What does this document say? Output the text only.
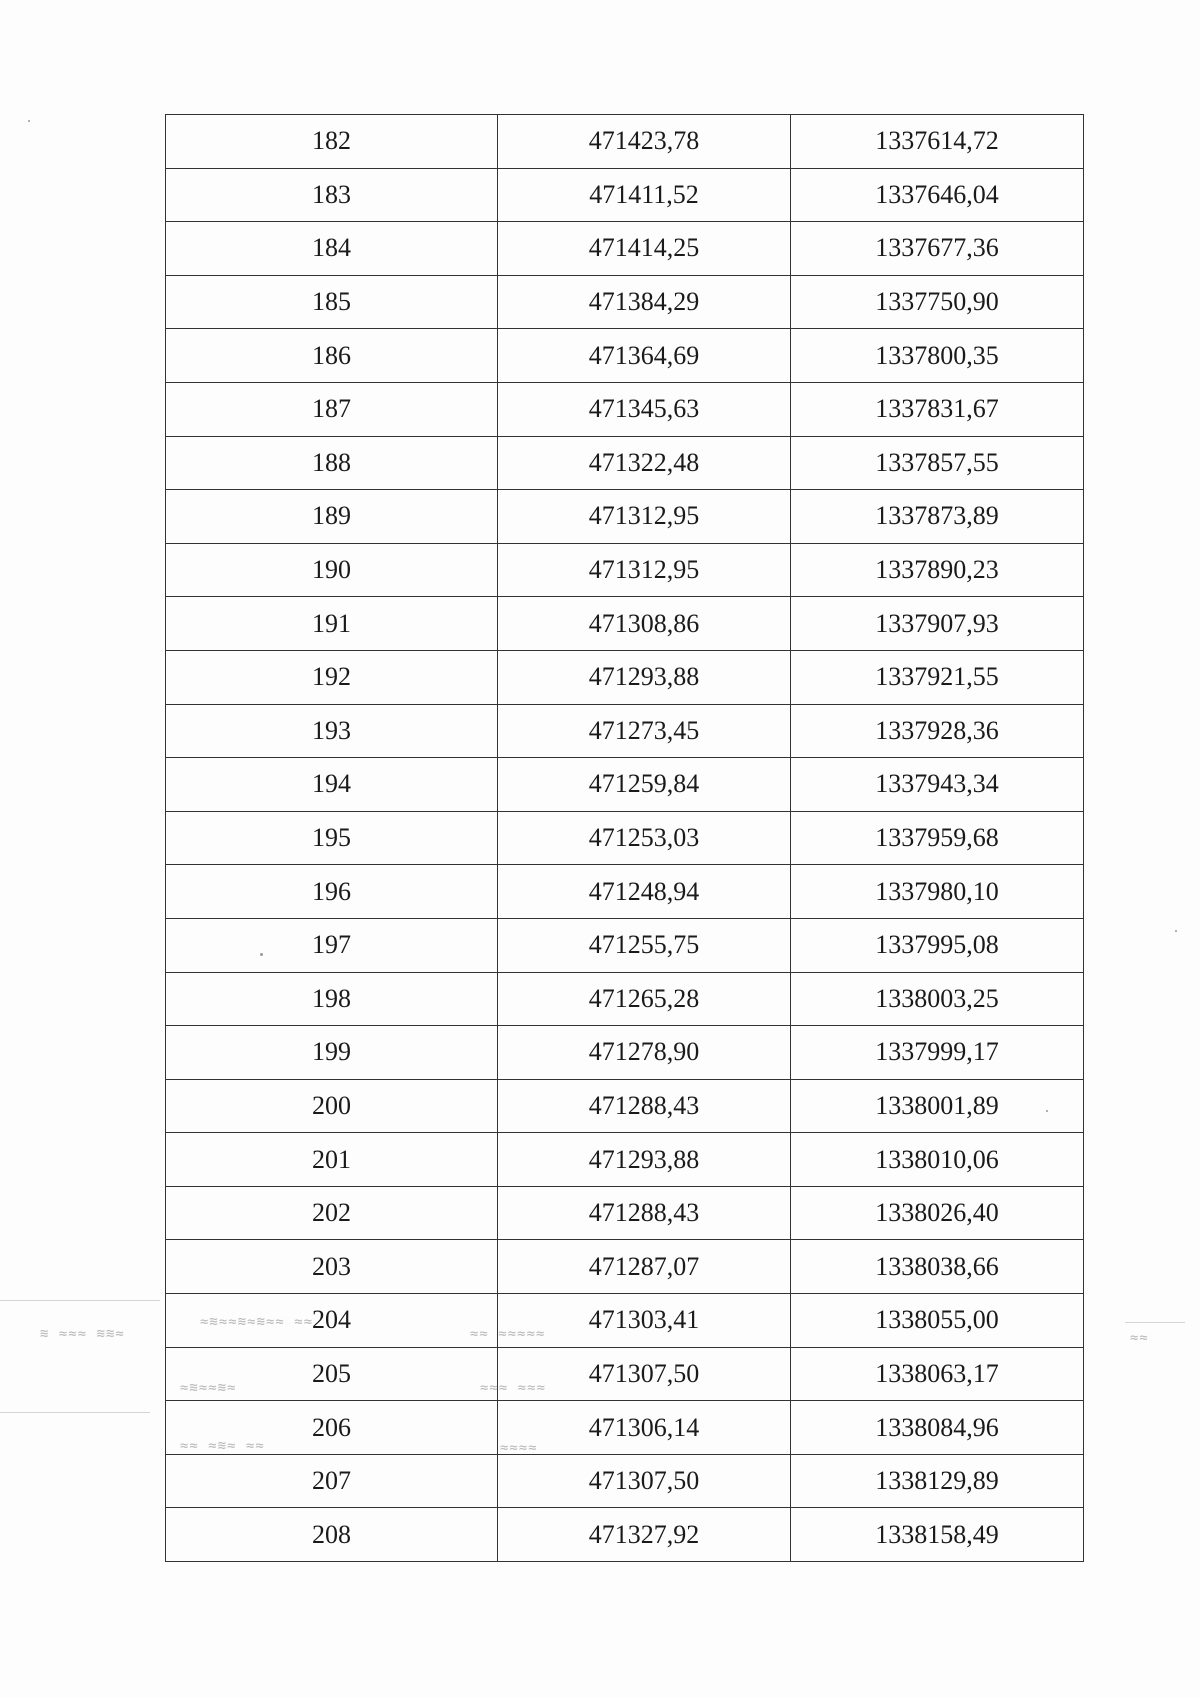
182	471423,78	1337614,72
183	471411,52	1337646,04
184	471414,25	1337677,36
185	471384,29	1337750,90
186	471364,69	1337800,35
187	471345,63	1337831,67
188	471322,48	1337857,55
189	471312,95	1337873,89
190	471312,95	1337890,23
191	471308,86	1337907,93
192	471293,88	1337921,55
193	471273,45	1337928,36
194	471259,84	1337943,34
195	471253,03	1337959,68
196	471248,94	1337980,10
197	471255,75	1337995,08
198	471265,28	1338003,25
199	471278,90	1337999,17
200	471288,43	1338001,89
201	471293,88	1338010,06
202	471288,43	1338026,40
203	471287,07	1338038,66
204	471303,41	1338055,00
205	471307,50	1338063,17
206	471306,14	1338084,96
207	471307,50	1338129,89
208	471327,92	1338158,49
≋ ≈≈≈ ≋≋≈
≈≋≈≈≋≈≋≈≈ ≈≈
≈≋≈≈≋≈
≈≈ ≈≋≈ ≈≈
≈≈ ≈≈≈≈≈
≈≈≈ ≈≈≈
≈≈≈≈
≈≈
